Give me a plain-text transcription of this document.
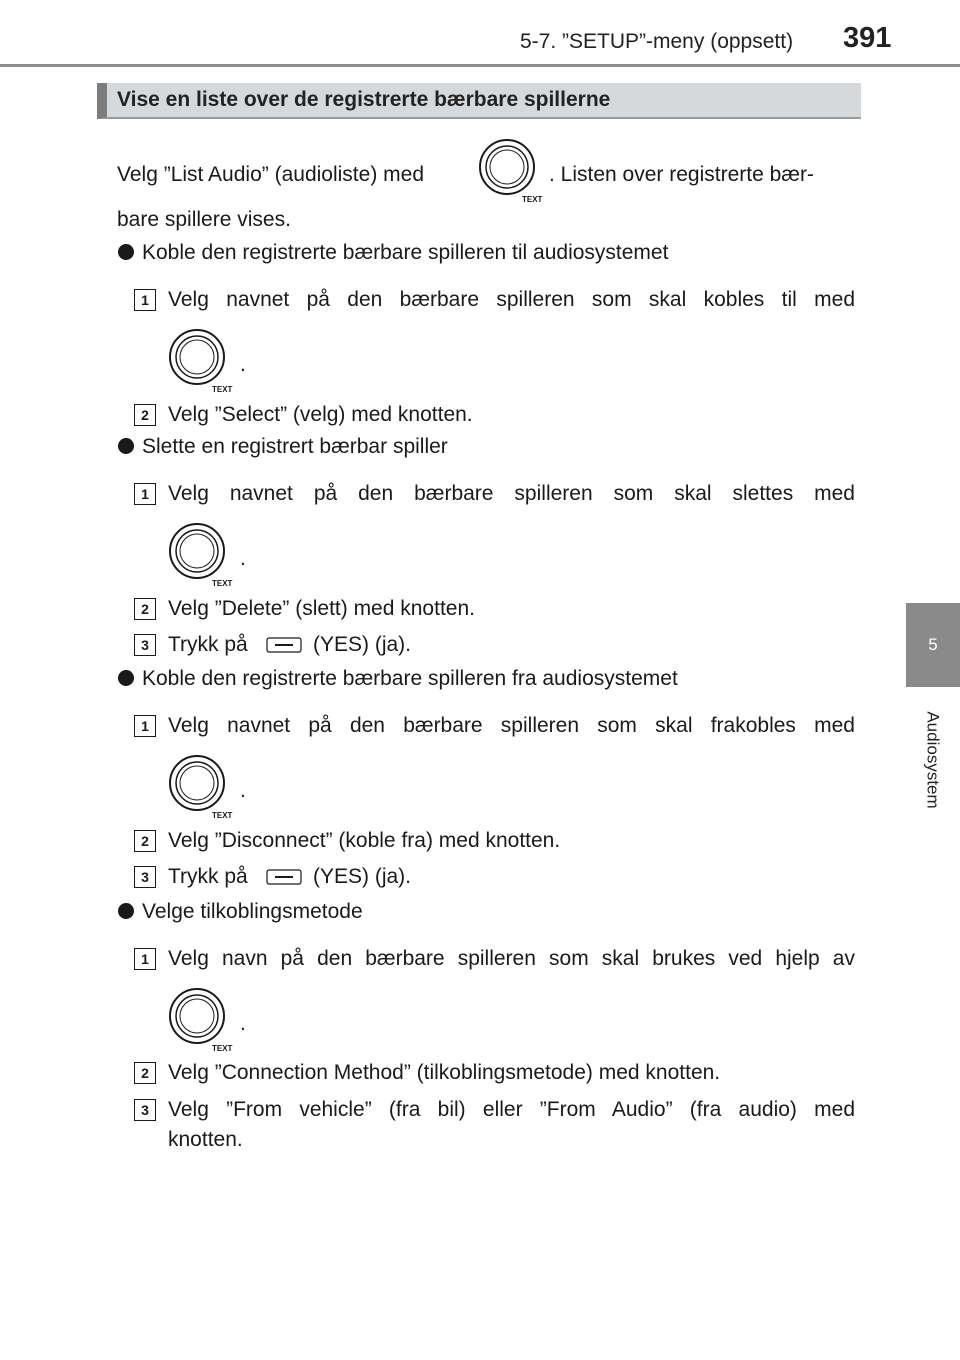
5-7. ”SETUP”-meny (oppsett) 391
5
Audiosystem
Vise en liste over de registrerte bærbare spillerne
Velg ”List Audio” (audioliste) med
TEXT
. Listen over registrerte bær-
bare spillere vises.
Koble den registrerte bærbare spilleren til audiosystemet
1 Velg navnet på den bærbare spilleren som skal kobles til med
TEXT
.
2 Velg ”Select” (velg) med knotten.
Slette en registrert bærbar spiller
1 Velg navnet på den bærbare spilleren som skal slettes med
TEXT
.
2 Velg ”Delete” (slett) med knotten.
3 Trykk på	(YES) (ja).
Koble den registrerte bærbare spilleren fra audiosystemet
1 Velg navnet på den bærbare spilleren som skal frakobles med
TEXT
.
2 Velg ”Disconnect” (koble fra) med knotten.
3 Trykk på	(YES) (ja).
Velge tilkoblingsmetode
1 Velg navn på den bærbare spilleren som skal brukes ved hjelp av
TEXT
.
2 Velg ”Connection Method” (tilkoblingsmetode) med knotten.
3 Velg ”From vehicle” (fra bil) eller ”From Audio” (fra audio) med
knotten.
